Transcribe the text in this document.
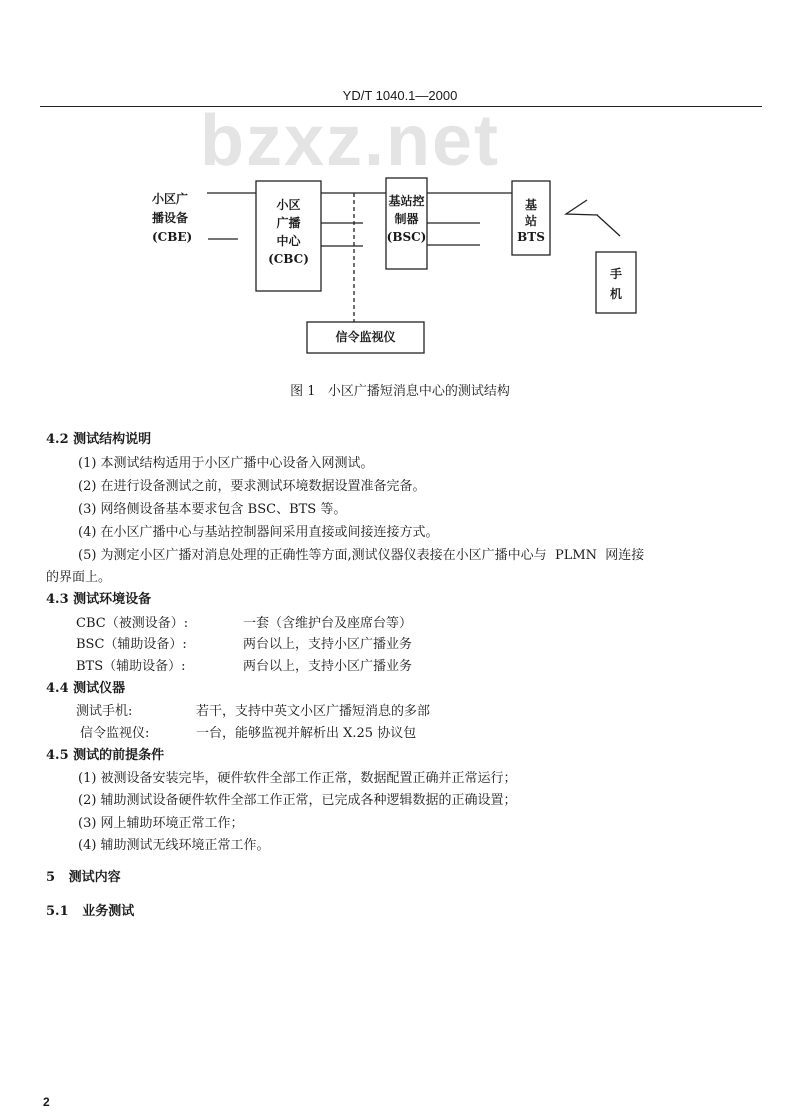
YD/T 1040.1—2000
bzxz.net
小区广
播设备
(CBE)
小区
广播
中心
(CBC)
基站控
制器
(BSC)
基
站
BTS
手
机
信令监视仪
图 1   小区广播短消息中心的测试结构
4.2 测试结构说明
(1) 本测试结构适用于小区广播中心设备入网测试。
(2) 在进行设备测试之前，要求测试环境数据设置准备完备。
(3) 网络侧设备基本要求包含 BSC、BTS 等。
(4) 在小区广播中心与基站控制器间采用直接或间接连接方式。
(5) 为测定小区广播对消息处理的正确性等方面,测试仪器仪表接在小区广播中心与  PLMN  网连接
的界面上。
4.3 测试环境设备
CBC（被测设备）:	一套（含维护台及座席台等）
BSC（辅助设备）:	两台以上，支持小区广播业务
BTS（辅助设备）:	两台以上，支持小区广播业务
4.4 测试仪器
测试手机:	若干，支持中英文小区广播短消息的多部
信令监视仪:	一台，能够监视并解析出 X.25 协议包
4.5 测试的前提条件
(1) 被测设备安装完毕，硬件软件全部工作正常，数据配置正确并正常运行；
(2) 辅助测试设备硬件软件全部工作正常，已完成各种逻辑数据的正确设置；
(3) 网上辅助环境正常工作；
(4) 辅助测试无线环境正常工作。
5   测试内容
5.1   业务测试
2
